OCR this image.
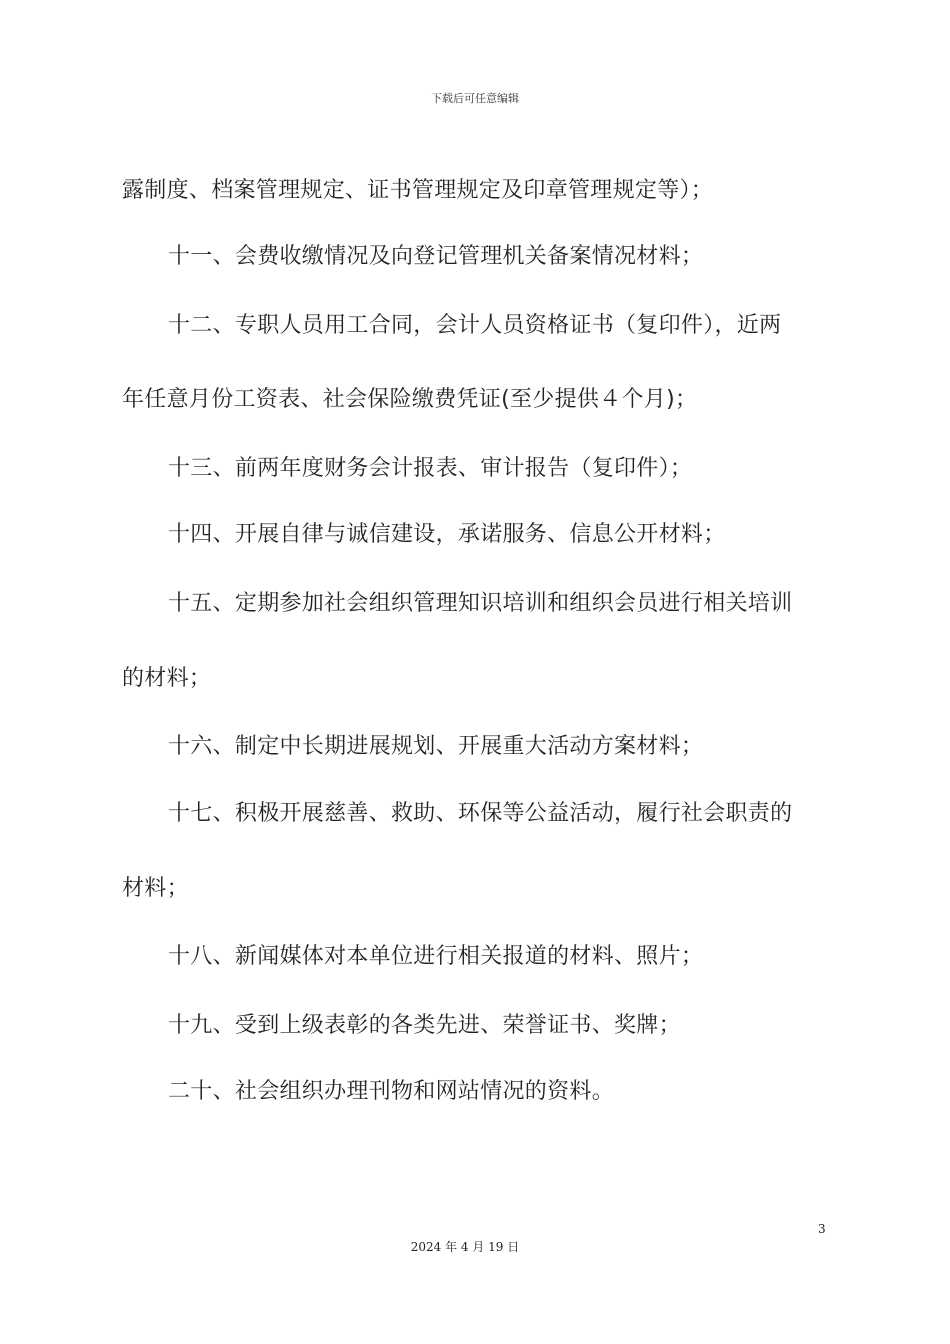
下载后可任意编辑
露制度、档案管理规定、证书管理规定及印章管理规定等）；
十一、会费收缴情况及向登记管理机关备案情况材料；
十二、专职人员用工合同，会计人员资格证书（复印件），近两
年任意月份工资表、社会保险缴费凭证(至少提供４个月)；
十三、前两年度财务会计报表、审计报告（复印件）；
十四、开展自律与诚信建设，承诺服务、信息公开材料；
十五、定期参加社会组织管理知识培训和组织会员进行相关培训
的材料；
十六、制定中长期进展规划、开展重大活动方案材料；
十七、积极开展慈善、救助、环保等公益活动，履行社会职责的
材料；
十八、新闻媒体对本单位进行相关报道的材料、照片；
十九、受到上级表彰的各类先进、荣誉证书、奖牌；
二十、社会组织办理刊物和网站情况的资料。
3
2024 年 4 月 19 日
